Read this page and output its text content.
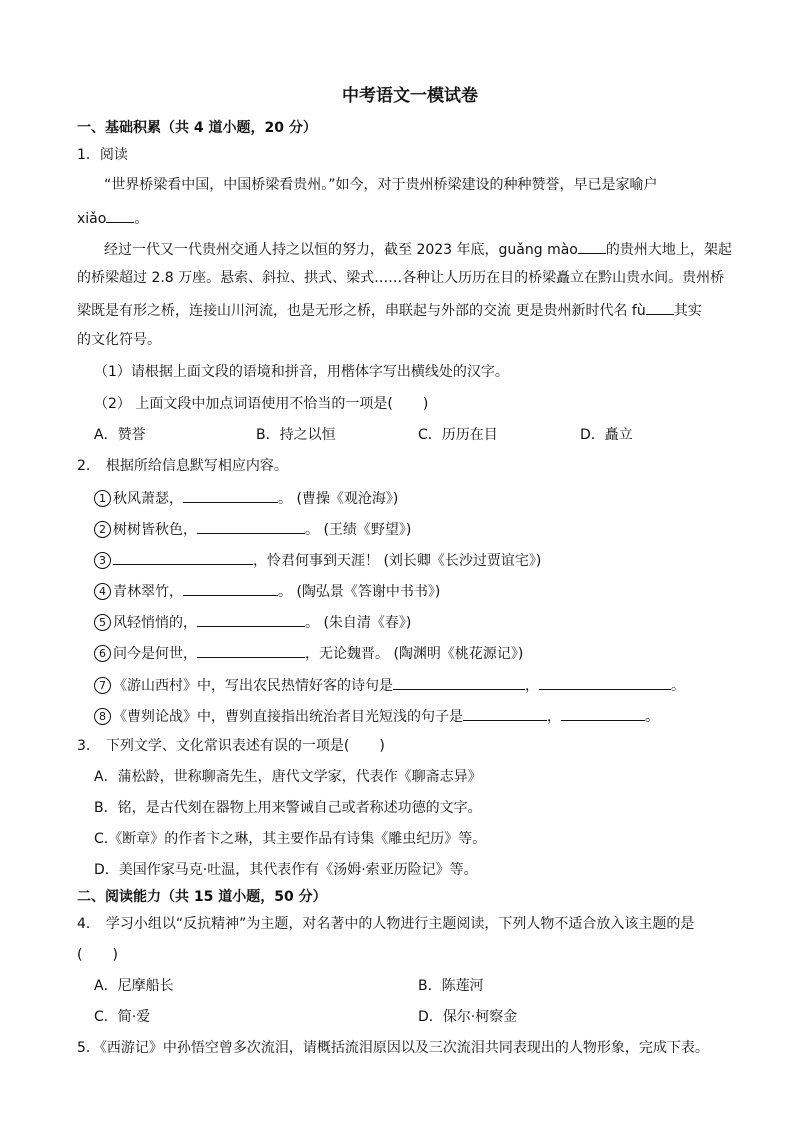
中考语文一模试卷
一、基础积累（共 4 道小题，20 分）
1．阅读
“世界桥梁看中国，中国桥梁看贵州。”如今，对于贵州桥梁建设的种种赞誉，早已是家喻户
xiǎo 。
经过一代又一代贵州交通人持之以恒的努力，截至 2023 年底，guǎng mào 的贵州大地上，架起
的桥梁超过 2.8 万座。悬索、斜拉、拱式、梁式……各种让人历历在目的桥梁矗立在黔山贵水间。贵州桥
梁既是有形之桥，连接山川河流，也是无形之桥，串联起与外部的交流 更是贵州新时代名 fù 其实
的文化符号。
（1）请根据上面文段的语境和拼音，用楷体字写出横线处的汉字。
（2） 上面文段中加点词语使用不恰当的一项是( )
A．赞誉	B．持之以恒	C．历历在目	D．矗立
2． 根据所给信息默写相应内容。
1 秋风萧瑟，	。 (曹操《观沧海》)
2 树树皆秋色，	。 (王绩《野望》)
3	，怜君何事到天涯！ (刘长卿《长沙过贾谊宅》)
4 青林翠竹，	。 (陶弘景《答谢中书书》)
5 风轻悄悄的，	。 (朱自清《春》)
6 问今是何世，	，无论魏晋。 (陶渊明《桃花源记》)
7 《游山西村》中，写出农民热情好客的诗句是	，	。
8 《曹刿论战》中，曹刿直接指出统治者目光短浅的句子是	，	。
3． 下列文学、文化常识表述有误的一项是( )
A．蒲松龄，世称聊斋先生，唐代文学家，代表作《聊斋志异》
B．铭，是古代刻在器物上用来警诫自己或者称述功德的文字。
C.《断章》的作者卞之琳，其主要作品有诗集《雕虫纪历》等。
D．美国作家马克·吐温，其代表作有《汤姆·索亚历险记》等。
二、阅读能力（共 15 道小题，50 分）
4． 学习小组以“反抗精神”为主题，对名著中的人物进行主题阅读，下列人物不适合放入该主题的是
( )
A．尼摩船长	B．陈莲河
C．简·爱	D．保尔·柯察金
5．《西游记》中孙悟空曾多次流泪，请概括流泪原因以及三次流泪共同表现出的人物形象，完成下表。
